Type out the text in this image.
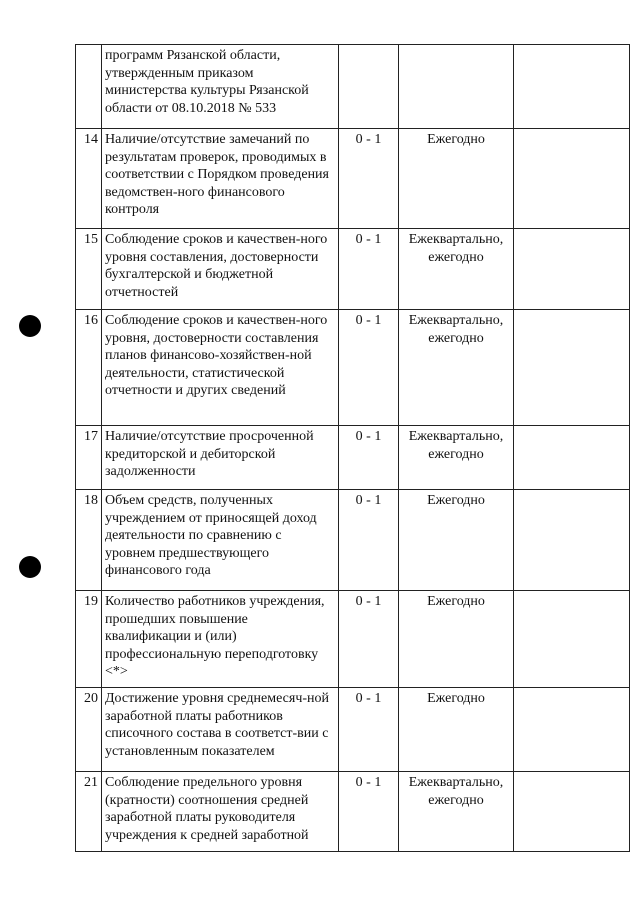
	программ Рязанской области, утвержденным приказом министерства культуры Рязанской области от 08.10.2018 № 533			
14	Наличие/отсутствие замечаний по результатам проверок, проводимых в соответствии с Порядком проведения ведомствен-ного финансового контроля	0 - 1	Ежегодно	
15	Соблюдение сроков и качествен-ного уровня составления, достоверности бухгалтерской и бюджетной отчетностей	0 - 1	Ежеквартально, ежегодно	
16	Соблюдение сроков и качествен-ного уровня, достоверности составления планов финансово-хозяйствен-ной деятельности, статистической отчетности и других сведений	0 - 1	Ежеквартально, ежегодно	
17	Наличие/отсутствие просроченной кредиторской и дебиторской задолженности	0 - 1	Ежеквартально, ежегодно	
18	Объем средств, полученных учреждением от приносящей доход деятельности по сравнению с уровнем предшествующего финансового года	0 - 1	Ежегодно	
19	Количество работников учреждения, прошедших повышение квалификации и (или) профессиональную переподготовку <*>	0 - 1	Ежегодно	
20	Достижение уровня среднемесяч-ной заработной платы работников списочного состава в соответст-вии с установленным показателем	0 - 1	Ежегодно	
21	Соблюдение предельного уровня (кратности) соотношения средней заработной платы руководителя учреждения к средней заработной	0 - 1	Ежеквартально, ежегодно	
